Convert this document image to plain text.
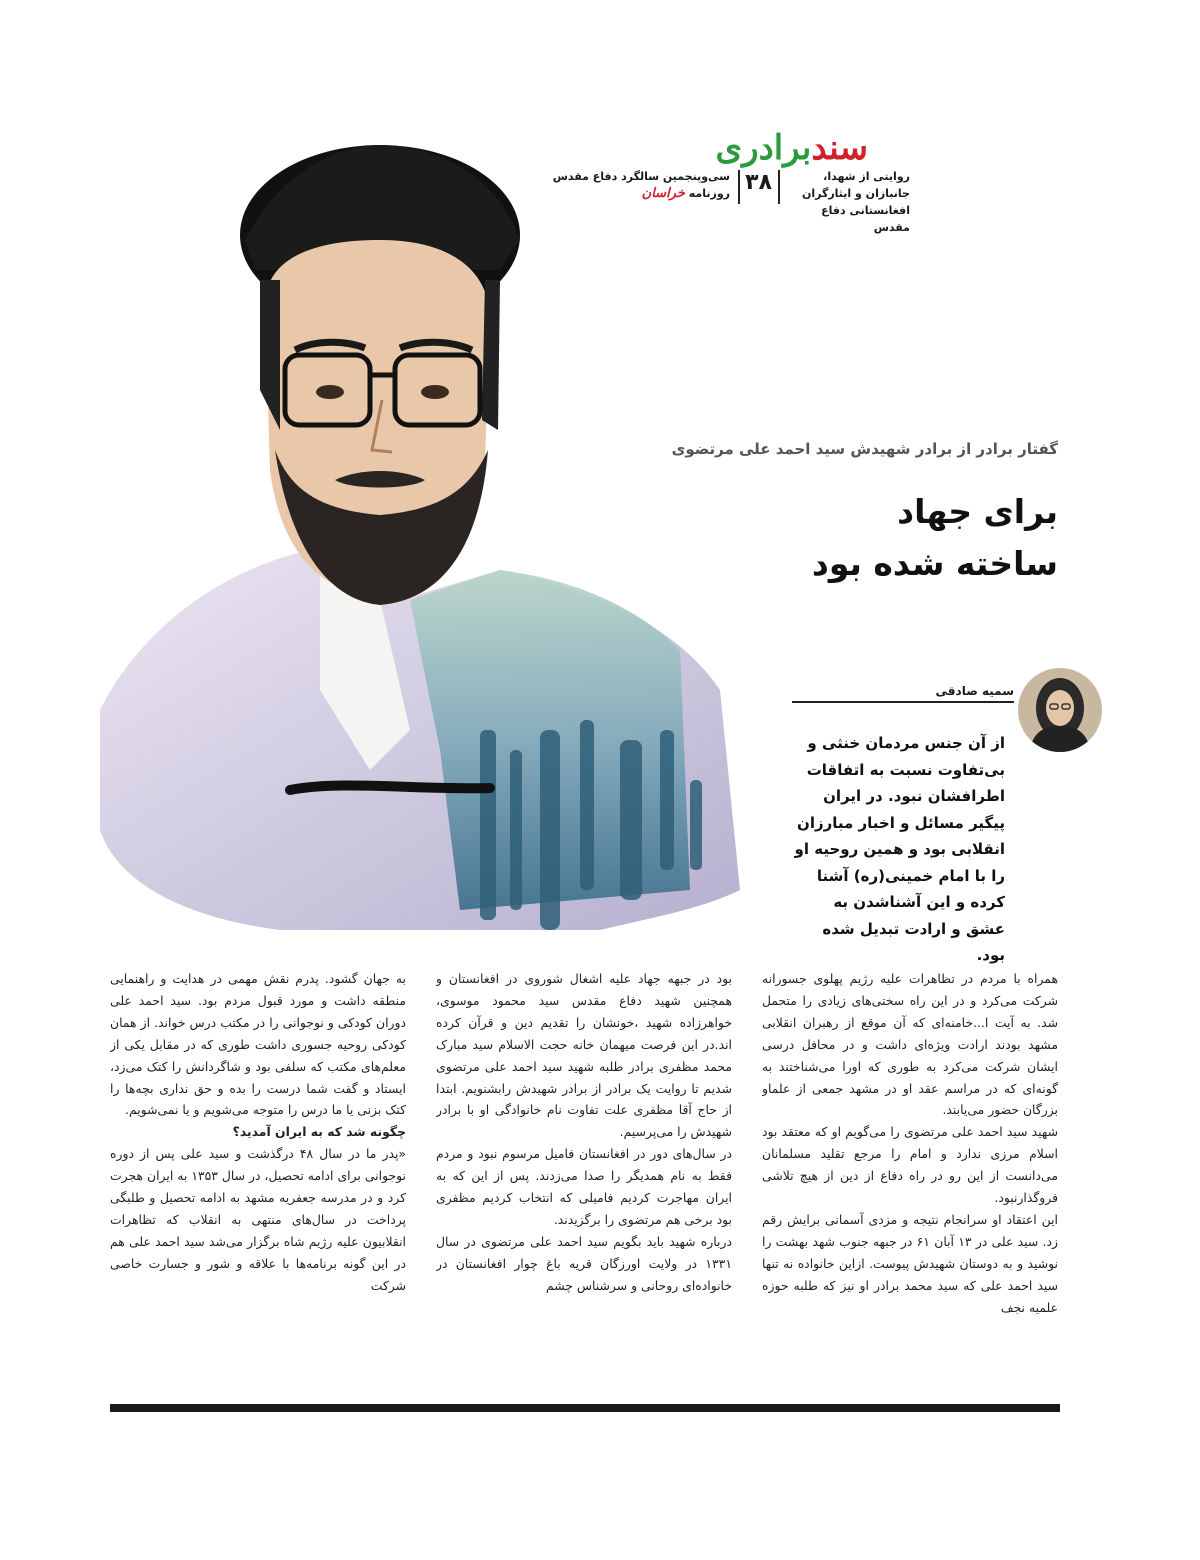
سندبرادری
روایتی از شهدا، جانبازان و ایثارگران
افغانستانی دفاع مقدس
۳۸
سی‌وپنجمین سالگرد دفاع مقدس
روزنامه خراسان
گفتار برادر از برادر شهیدش سید احمد علی مرتضوی
برای جهاد
ساخته شده بود
سمیه صادقی
از آن جنس مردمان خنثی و بی‌تفاوت نسبت به اتفاقات اطرافشان نبود. در ایران پیگیر مسائل و اخبار مبارزان انقلابی بود و همین روحیه او را با امام خمینی(ره) آشنا کرده و این آشناشدن به عشق و ارادت تبدیل شده بود.

همراه با مردم در تظاهرات علیه رژیم پهلوی جسورانه شرکت می‌کرد و در این راه سختی‌های زیادی را متحمل شد. به آیت ا...خامنه‌ای که آن موقع از رهبران انقلابی مشهد بودند ارادت ویژه‌ای داشت و در محافل درسی ایشان شرکت می‌کرد به طوری که اورا می‌شناختند به گونه‌ای که در مراسم عقد او در مشهد جمعی از علماو بزرگان حضور می‌یابند.

شهید سید احمد علی مرتضوی را می‌گویم او که معتقد بود اسلام مرزی ندارد و امام را مرجع تقلید مسلمانان می‌دانست از این رو در راه دفاع از دین از هیچ تلاشی فروگذارنبود.

این اعتقاد او سرانجام نتیجه و مزدی آسمانی برایش رقم زد. سید علی در ۱۳ آبان ۶۱ در جبهه جنوب شهد بهشت را نوشید و به دوستان شهیدش پیوست. ازاین خانواده نه تنها سید احمد علی که سید محمد برادر او نیز که طلبه حوزه علمیه نجف

بود در جبهه جهاد علیه اشغال شوروی در افغانستان و همچنین شهید دفاع مقدس سید محمود موسوی، خواهرزاده شهید ،خونشان را تقدیم دین و قرآن کرده اند.در این فرصت میهمان خانه حجت الاسلام سید مبارک محمد مظفری برادر طلبه شهید سید احمد علی مرتضوی شدیم تا روایت یک برادر از برادر شهیدش رابشنویم. ابتدا از حاج آقا مظفری علت تفاوت نام خانوادگی او با برادر شهیدش را می‌پرسیم.

در سال‌های دور در افغانستان فامیل مرسوم نبود و مردم فقط به نام همدیگر را صدا می‌زدند. پس از این که به ایران مهاجرت کردیم فامیلی که انتخاب کردیم مظفری بود برخی هم مرتضوی را برگزیدند.

درباره شهید باید بگویم سید احمد علی مرتضوی در سال ۱۳۳۱ در ولایت اورزگان قریه باغ چوار افغانستان در خانواده‌ای روحانی و سرشناس چشم

به جهان گشود. پدرم نقش مهمی در هدایت و راهنمایی منطقه داشت و مورد قبول مردم بود. سید احمد علی دوران کودکی و نوجوانی را در مکتب درس خواند. از همان کودکی روحیه جسوری داشت طوری که در مقابل یکی از معلم‌های مکتب که سلفی بود و شاگردانش را کتک می‌زد، ایستاد و گفت شما درست را بده و حق نداری بچه‌ها را کتک بزنی یا ما درس را متوجه می‌شویم و یا نمی‌شویم.

چگونه شد که به ایران آمدید؟

«پدر ما در سال ۴۸ درگذشت و سید علی پس از دوره نوجوانی برای ادامه تحصیل، در سال ۱۳۵۳ به ایران هجرت کرد و در مدرسه جعفریه مشهد به ادامه تحصیل و طلبگی پرداخت در سال‌های منتهی به انقلاب که تظاهرات انقلابیون علیه رژیم شاه برگزار می‌شد سید احمد علی هم در این گونه برنامه‌ها با علاقه و شور و جسارت خاصی شرکت
